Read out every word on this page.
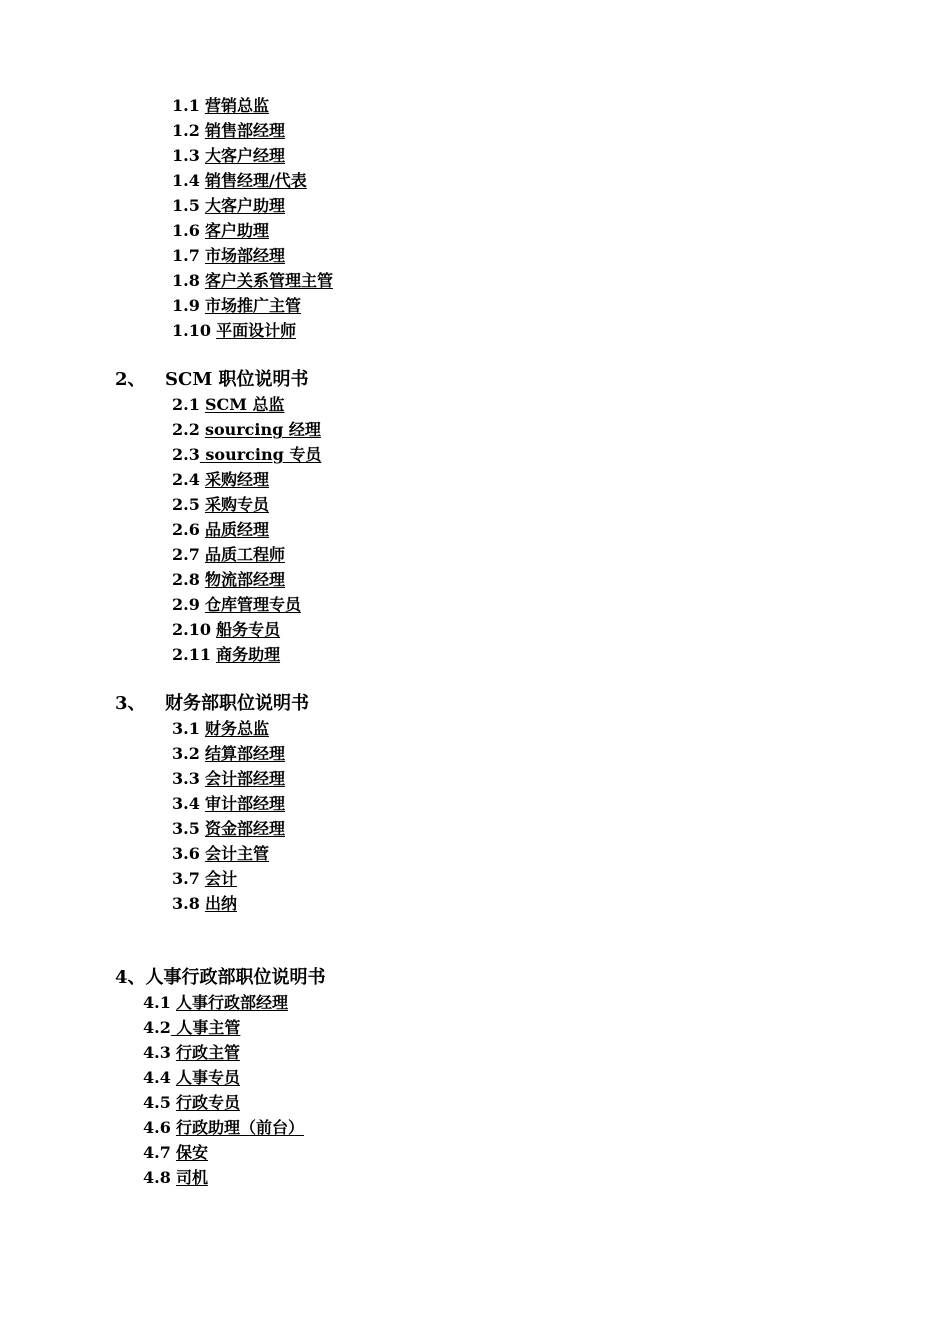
1.1 营销总监
1.2 销售部经理
1.3 大客户经理
1.4 销售经理/代表
1.5 大客户助理
1.6 客户助理
1.7 市场部经理
1.8 客户关系管理主管
1.9 市场推广主管
1.10 平面设计师
2、 SCM 职位说明书
2.1 SCM 总监
2.2 sourcing 经理
2.3 sourcing 专员
2.4 采购经理
2.5 采购专员
2.6 品质经理
2.7 品质工程师
2.8 物流部经理
2.9 仓库管理专员
2.10 船务专员
2.11 商务助理
3、 财务部职位说明书
3.1 财务总监
3.2 结算部经理
3.3 会计部经理
3.4 审计部经理
3.5 资金部经理
3.6 会计主管
3.7 会计
3.8 出纳
4、人事行政部职位说明书
4.1 人事行政部经理
4.2 人事主管
4.3 行政主管
4.4 人事专员
4.5 行政专员
4.6 行政助理（前台）
4.7 保安
4.8 司机
